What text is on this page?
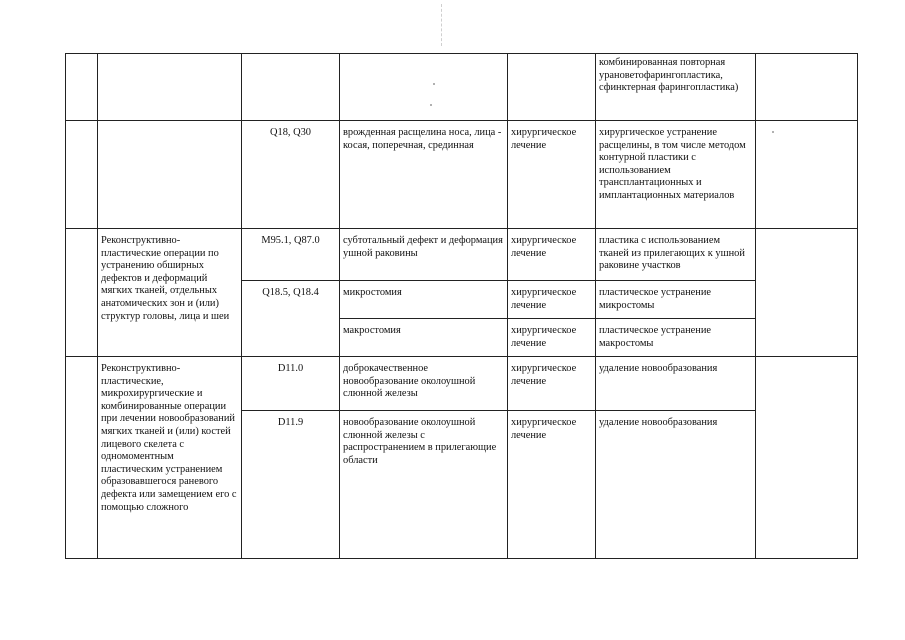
					комбинированная повторная урановетофарингопластика, сфинктерная фарингопластика)	
		Q18, Q30	врожденная расщелина носа, лица - косая, поперечная, срединная	хирургическое лечение	хирургическое устранение расщелины, в том числе методом контурной пластики с использованием трансплантационных и имплантационных материалов	
	Реконструктивно-пластические операции по устранению обширных дефектов и деформаций мягких тканей, отдельных анатомических зон и (или) структур головы, лица и шеи	M95.1, Q87.0	субтотальный дефект и деформация ушной раковины	хирургическое лечение	пластика с использованием тканей из прилегающих к ушной раковине участков	
		Q18.5, Q18.4	микростомия	хирургическое лечение	пластическое устранение микростомы	
			макростомия	хирургическое лечение	пластическое устранение макростомы	
	Реконструктивно-пластические, микрохирургические и комбинированные операции при лечении новообразований мягких тканей и (или) костей лицевого скелета с одномоментным пластическим устранением образовавшегося раневого дефекта или замещением его с помощью сложного	D11.0	доброкачественное новообразование околоушной слюнной железы	хирургическое лечение	удаление новообразования	
		D11.9	новообразование околоушной слюнной железы с распространением в прилегающие области	хирургическое лечение	удаление новообразования	
